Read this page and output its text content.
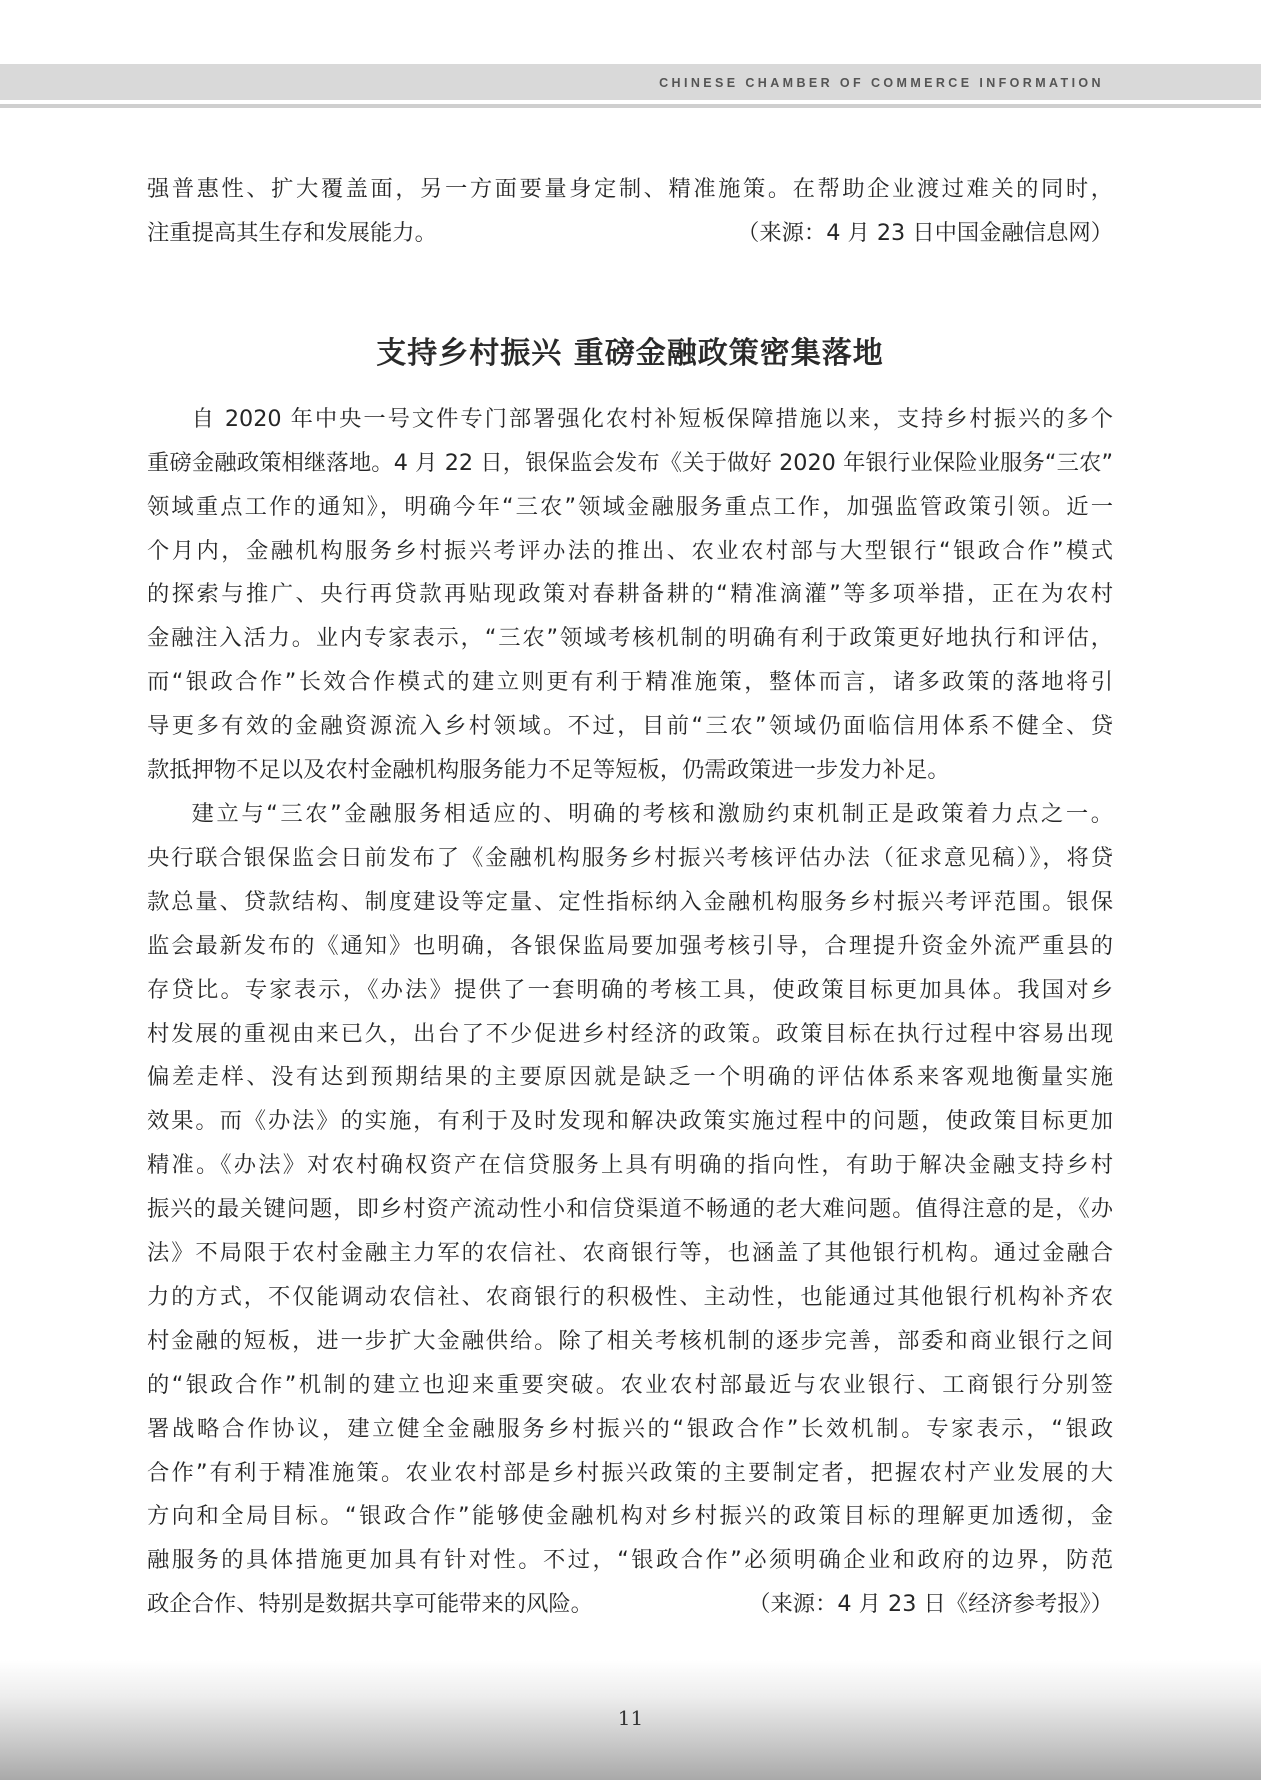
CHINESE CHAMBER OF COMMERCE INFORMATION
强普惠性、扩大覆盖面，另一方面要量身定制、精准施策。在帮助企业渡过难关的同时，
注重提高其生存和发展能力。	（来源：4 月 23 日中国金融信息网）
支持乡村振兴 重磅金融政策密集落地
自 2020 年中央一号文件专门部署强化农村补短板保障措施以来，支持乡村振兴的多个
重磅金融政策相继落地。4 月 22 日，银保监会发布《关于做好 2020 年银行业保险业服务“三农”
领域重点工作的通知》，明确今年“三农”领域金融服务重点工作，加强监管政策引领。近一
个月内，金融机构服务乡村振兴考评办法的推出、农业农村部与大型银行“银政合作”模式
的探索与推广、央行再贷款再贴现政策对春耕备耕的“精准滴灌”等多项举措，正在为农村
金融注入活力。业内专家表示，“三农”领域考核机制的明确有利于政策更好地执行和评估，
而“银政合作”长效合作模式的建立则更有利于精准施策，整体而言，诸多政策的落地将引
导更多有效的金融资源流入乡村领域。不过，目前“三农”领域仍面临信用体系不健全、贷
款抵押物不足以及农村金融机构服务能力不足等短板，仍需政策进一步发力补足。
建立与“三农”金融服务相适应的、明确的考核和激励约束机制正是政策着力点之一。
央行联合银保监会日前发布了《金融机构服务乡村振兴考核评估办法（征求意见稿）》，将贷
款总量、贷款结构、制度建设等定量、定性指标纳入金融机构服务乡村振兴考评范围。银保
监会最新发布的《通知》也明确，各银保监局要加强考核引导，合理提升资金外流严重县的
存贷比。专家表示，《办法》提供了一套明确的考核工具，使政策目标更加具体。我国对乡
村发展的重视由来已久，出台了不少促进乡村经济的政策。政策目标在执行过程中容易出现
偏差走样、没有达到预期结果的主要原因就是缺乏一个明确的评估体系来客观地衡量实施
效果。而《办法》的实施，有利于及时发现和解决政策实施过程中的问题，使政策目标更加
精准。《办法》对农村确权资产在信贷服务上具有明确的指向性，有助于解决金融支持乡村
振兴的最关键问题，即乡村资产流动性小和信贷渠道不畅通的老大难问题。值得注意的是，《办
法》不局限于农村金融主力军的农信社、农商银行等，也涵盖了其他银行机构。通过金融合
力的方式，不仅能调动农信社、农商银行的积极性、主动性，也能通过其他银行机构补齐农
村金融的短板，进一步扩大金融供给。除了相关考核机制的逐步完善，部委和商业银行之间
的“银政合作”机制的建立也迎来重要突破。农业农村部最近与农业银行、工商银行分别签
署战略合作协议，建立健全金融服务乡村振兴的“银政合作”长效机制。专家表示，“银政
合作”有利于精准施策。农业农村部是乡村振兴政策的主要制定者，把握农村产业发展的大
方向和全局目标。“银政合作”能够使金融机构对乡村振兴的政策目标的理解更加透彻，金
融服务的具体措施更加具有针对性。不过，“银政合作”必须明确企业和政府的边界，防范
政企合作、特别是数据共享可能带来的风险。	（来源：4 月 23 日《经济参考报》）
11
